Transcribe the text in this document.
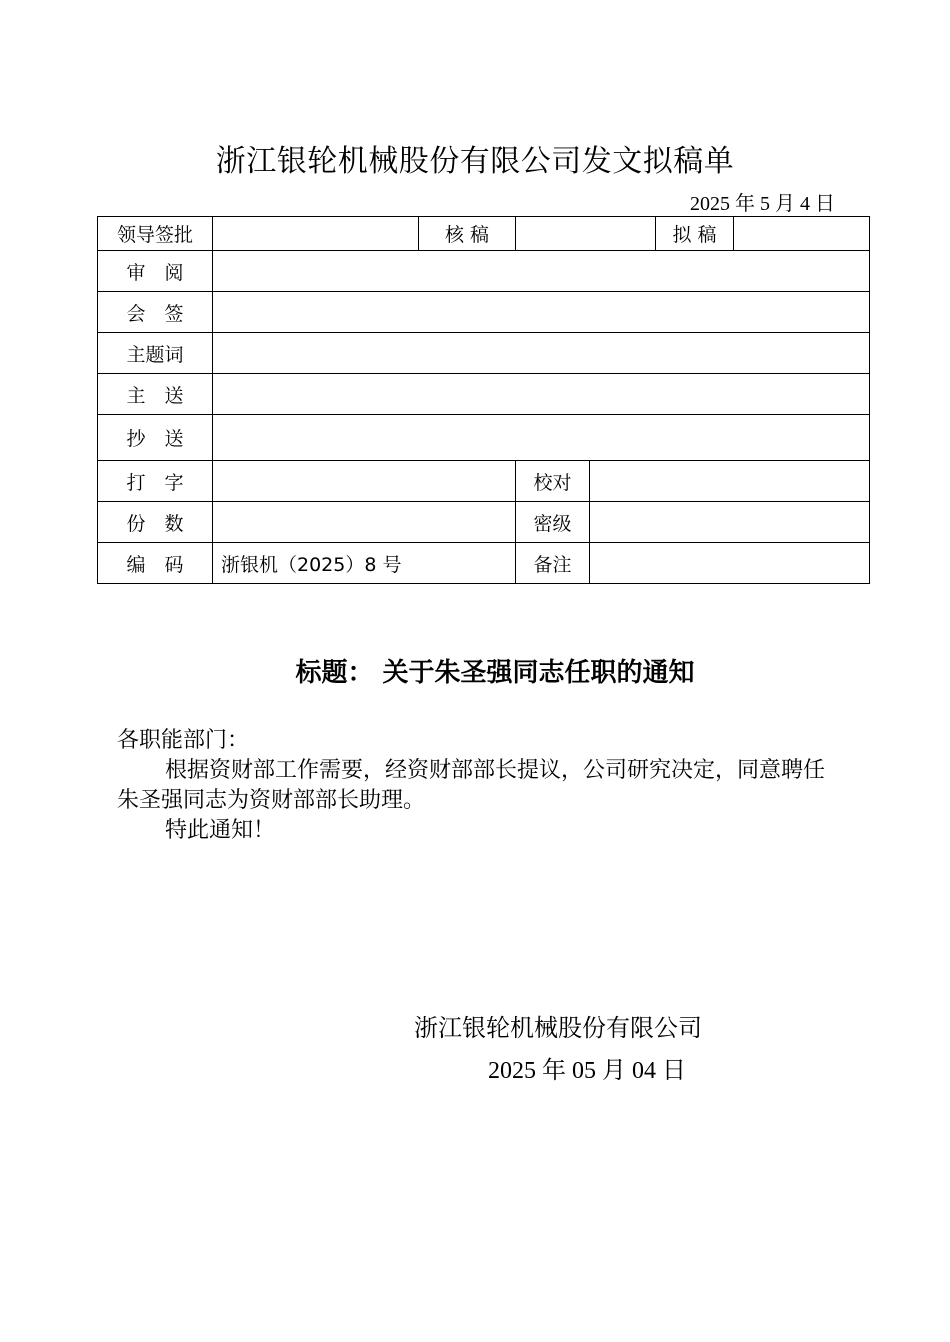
浙江银轮机械股份有限公司发文拟稿单
2025 年 5 月 4 日
领导签批		核 稿			拟 稿	
审　阅						
会　签						
主题词						
主　送						
抄　送						
打　字			校对			
份　数			密级			
编　码	浙银机（2025）8 号		备注			
标题： 关于朱圣强同志任职的通知
各职能部门：
根据资财部工作需要，经资财部部长提议，公司研究决定，同意聘任朱圣强同志为资财部部长助理。
特此通知！
浙江银轮机械股份有限公司
2025 年 05 月 04 日
